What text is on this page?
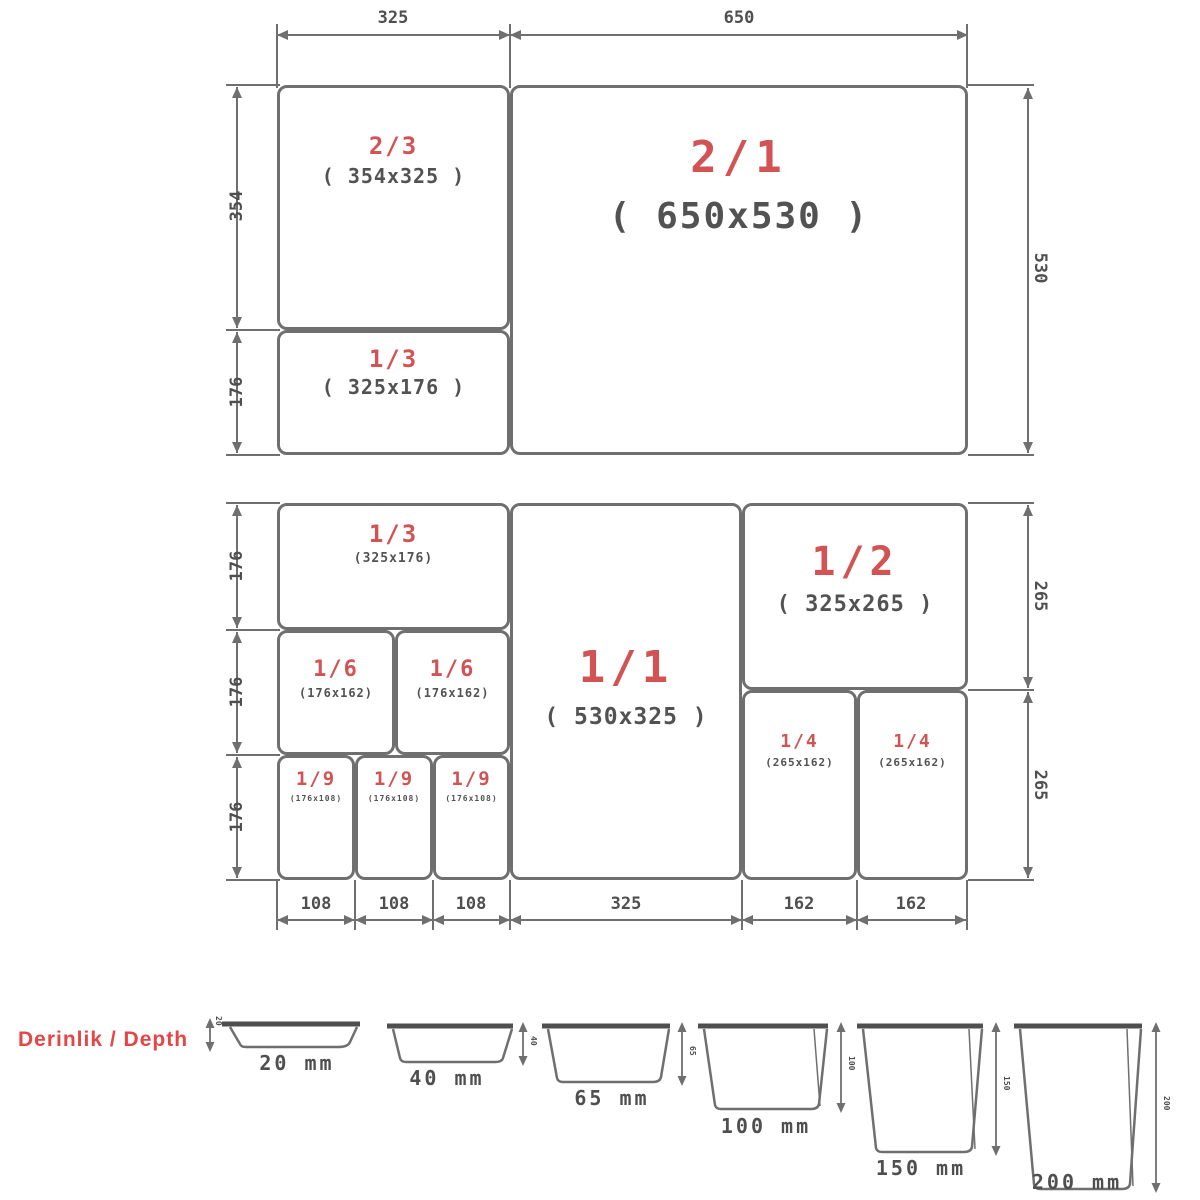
325	650
354
176
530
2/3
( 354x325 )
1/3
( 325x176 )
2/1
( 650x530 )
176
176
176
265
265
108	108	108	325	162	162
1/3
(325x176)
1/6
(176x162)
1/6
(176x162)
1/9
(176x108)
1/9
(176x108)
1/9
(176x108)
1/1
( 530x325 )
1/2
( 325x265 )
1/4
(265x162)
1/4
(265x162)
Derinlik / Depth
20
20 mm
40
40 mm
65
65 mm
100
100 mm
150
150 mm
200
200 mm
